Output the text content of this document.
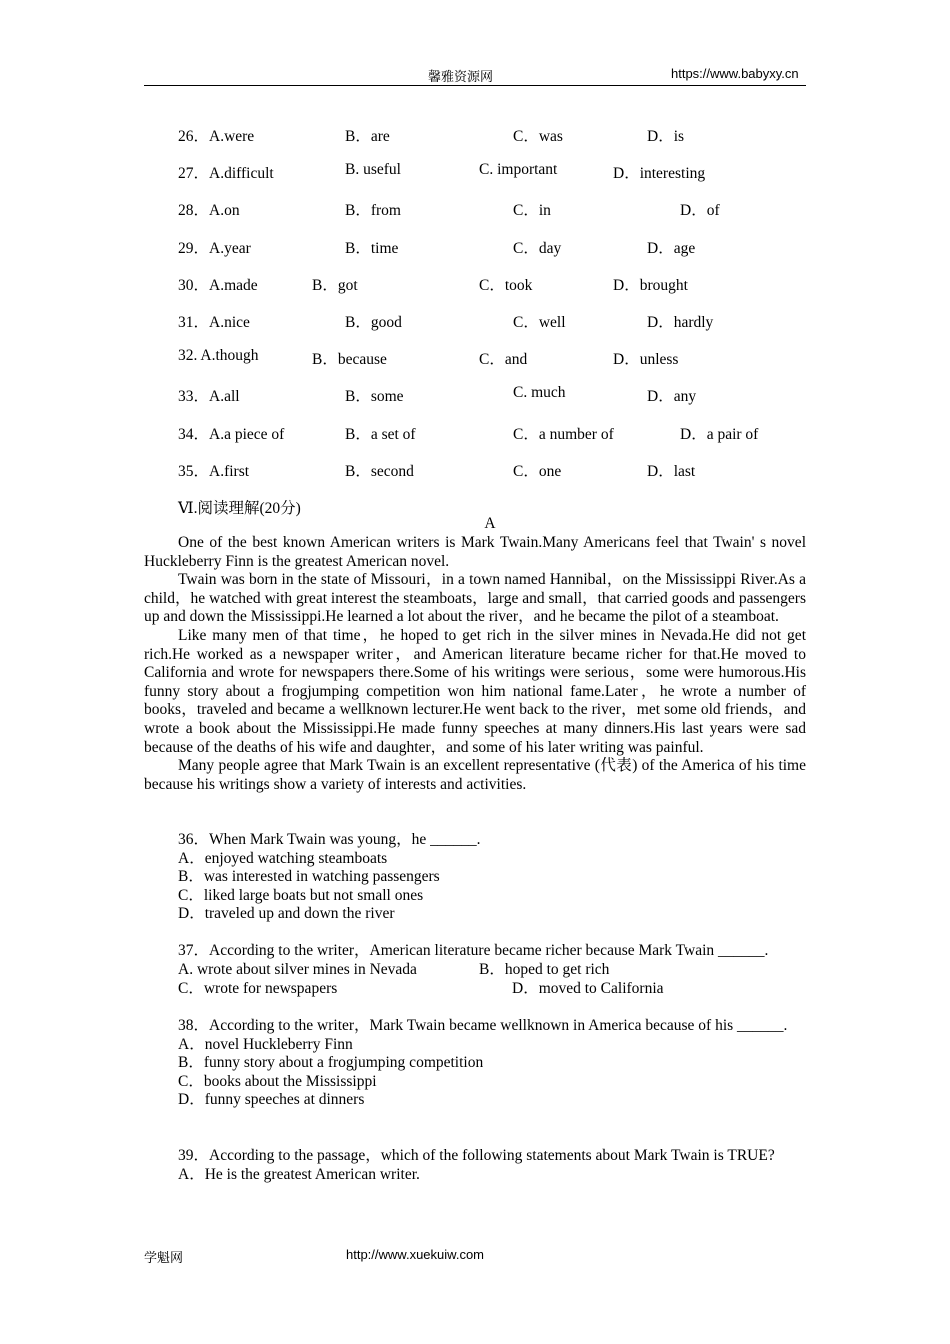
馨雅资源网	https://www.babyxy.cn
26．A.were	B．are	C．was	D．is
27．A.difficult	B. useful	C. important	D．interesting
28．A.on	B．from	C．in	D．of
29．A.year	B．time	C．day	D．age
30．A.made	B．got	C．took	D．brought
31．A.nice	B．good	C．well	D．hardly
32. A.though	B．because	C．and	D．unless
33．A.all	B．some	C. much	D．any
34．A.a piece of	B．a set of	C．a number of	D．a pair of
35．A.first	B．second	C．one	D．last
Ⅵ.阅读理解(20分)
A

One of the best known American writers is Mark Twain.Many Americans feel that Twain' s novel Huckleberry Finn is the greatest American novel.

Twain was born in the state of Missouri，in a town named Hannibal，on the Mississippi River.As a child，he watched with great interest the steamboats，large and small，that carried goods and passengers up and down the Mississippi.He learned a lot about the river，and he became the pilot of a steamboat.

Like many men of that time，he hoped to get rich in the silver mines in Nevada.He did not get rich.He worked as a newspaper writer，and American literature became richer for that.He moved to California and wrote for newspapers there.Some of his writings were serious，some were humorous.His funny story about a frogjumping competition won him national fame.Later，he wrote a number of books，traveled and became a wellknown lecturer.He went back to the river，met some old friends，and wrote a book about the Mississippi.He made funny speeches at many dinners.His last years were sad because of the deaths of his wife and daughter，and some of his later writing was painful.

Many people agree that Mark Twain is an excellent representative (代表) of the America of his time because his writings show a variety of interests and activities.

36．When Mark Twain was young，he ______.
A．enjoyed watching steamboats
B．was interested in watching passengers
C．liked large boats but not small ones
D．traveled up and down the river
37．According to the writer，American literature became richer because Mark Twain ______.
A. wrote about silver mines in Nevada	B．hoped to get rich
C．wrote for newspapers	D．moved to California
38．According to the writer，Mark Twain became wellknown in America because of his ______.
A．novel Huckleberry Finn
B．funny story about a frogjumping competition
C．books about the Mississippi
D．funny speeches at dinners
39．According to the passage，which of the following statements about Mark Twain is TRUE?
A．He is the greatest American writer.
学魁网	http://www.xuekuiw.com
